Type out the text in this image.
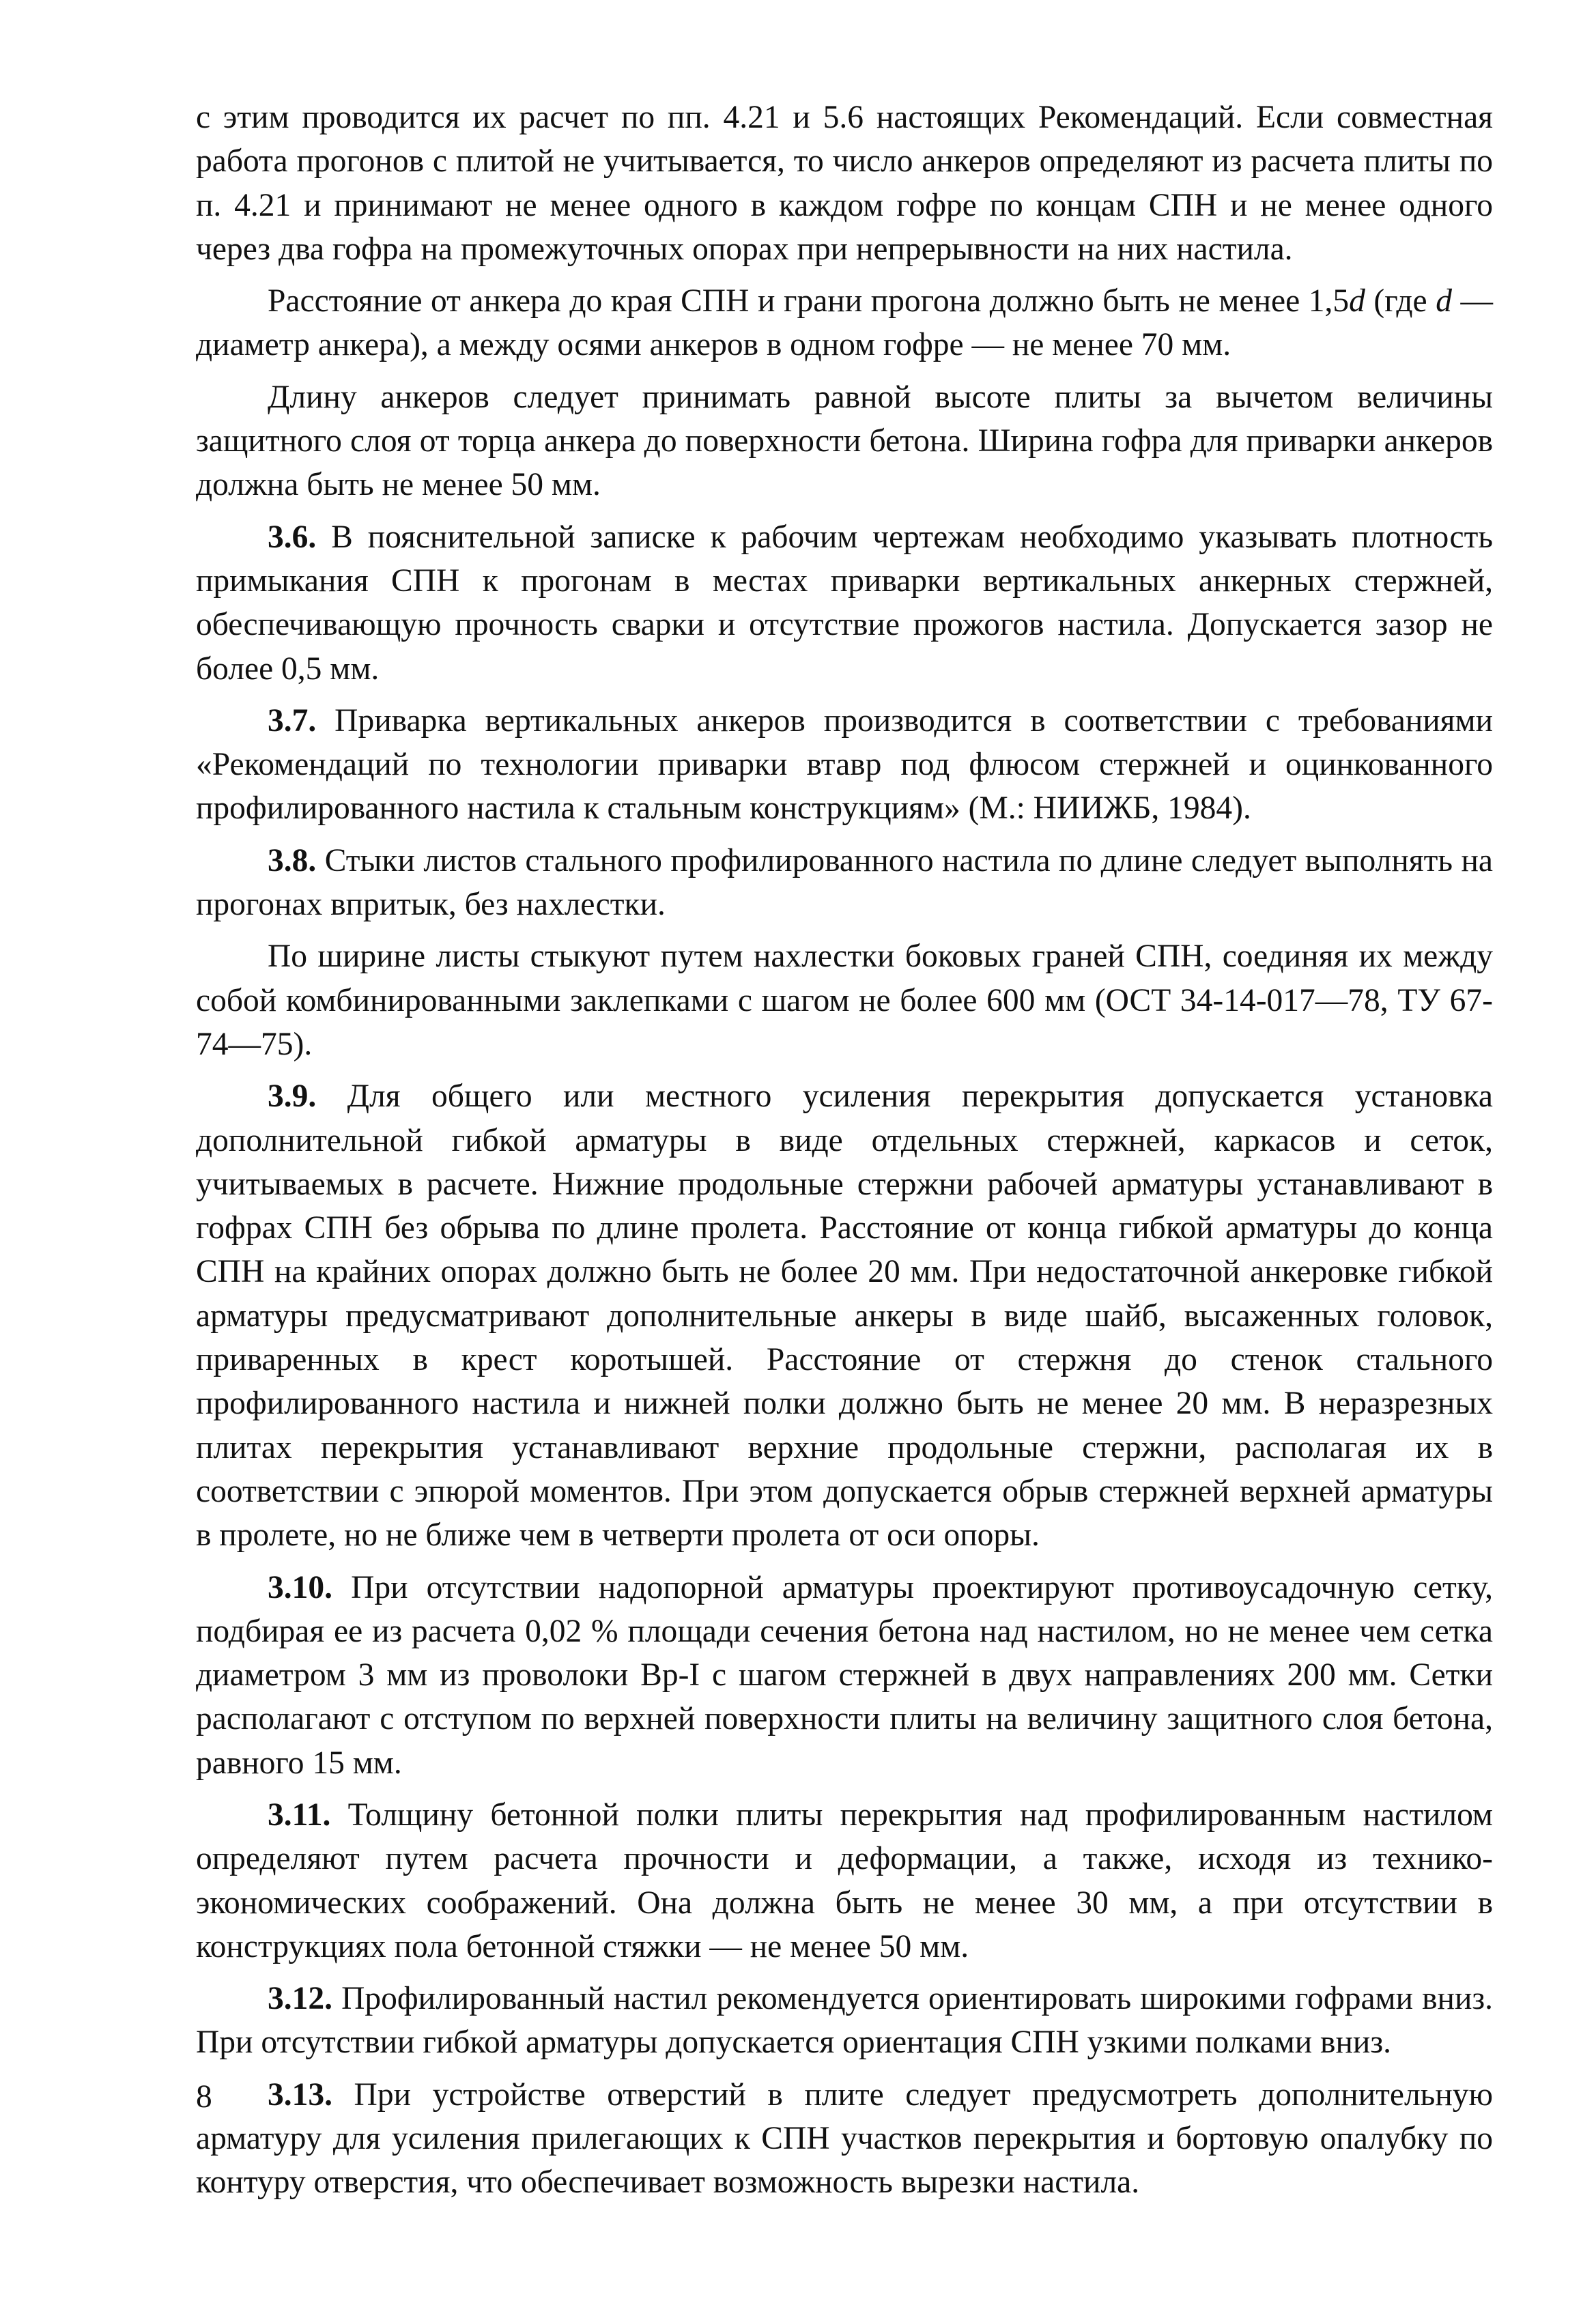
с этим проводится их расчет по пп. 4.21 и 5.6 настоящих Рекомендаций. Если совместная работа прогонов с плитой не учитывается, то число анкеров определяют из расчета плиты по п. 4.21 и принимают не менее одного в каждом гофре по концам СПН и не менее одного через два гофра на промежуточных опорах при непрерывности на них настила.

Расстояние от анкера до края СПН и грани прогона должно быть не менее 1,5d (где d — диаметр анкера), а между осями анкеров в одном гофре — не менее 70 мм.

Длину анкеров следует принимать равной высоте плиты за вычетом величины защитного слоя от торца анкера до поверхности бетона. Ширина гофра для приварки анкеров должна быть не менее 50 мм.

3.6. В пояснительной записке к рабочим чертежам необходимо указывать плотность примыкания СПН к прогонам в местах приварки вертикальных анкерных стержней, обеспечивающую прочность сварки и отсутствие прожогов настила. Допускается зазор не более 0,5 мм.

3.7. Приварка вертикальных анкеров производится в соответствии с требованиями «Рекомендаций по технологии приварки втавр под флюсом стержней и оцинкованного профилированного настила к стальным конструкциям» (М.: НИИЖБ, 1984).

3.8. Стыки листов стального профилированного настила по длине следует выполнять на прогонах впритык, без нахлестки.

По ширине листы стыкуют путем нахлестки боковых граней СПН, соединяя их между собой комбинированными заклепками с шагом не более 600 мм (ОСТ 34-14-017—78, ТУ 67-74—75).

3.9. Для общего или местного усиления перекрытия допускается установка дополнительной гибкой арматуры в виде отдельных стержней, каркасов и сеток, учитываемых в расчете. Нижние продольные стержни рабочей арматуры устанавливают в гофрах СПН без обрыва по длине пролета. Расстояние от конца гибкой арматуры до конца СПН на крайних опорах должно быть не более 20 мм. При недостаточной анкеровке гибкой арматуры предусматривают дополнительные анкеры в виде шайб, высаженных головок, приваренных в крест коротышей. Расстояние от стержня до стенок стального профилированного настила и нижней полки должно быть не менее 20 мм. В неразрезных плитах перекрытия устанавливают верхние продольные стержни, располагая их в соответствии с эпюрой моментов. При этом допускается обрыв стержней верхней арматуры в пролете, но не ближе чем в четверти пролета от оси опоры.

3.10. При отсутствии надопорной арматуры проектируют противоусадочную сетку, подбирая ее из расчета 0,02 % площади сечения бетона над настилом, но не менее чем сетка диаметром 3 мм из проволоки Вр-I с шагом стержней в двух направлениях 200 мм. Сетки располагают с отступом по верхней поверхности плиты на величину защитного слоя бетона, равного 15 мм.

3.11. Толщину бетонной полки плиты перекрытия над профилированным настилом определяют путем расчета прочности и деформации, а также, исходя из технико-экономических соображений. Она должна быть не менее 30 мм, а при отсутствии в конструкциях пола бетонной стяжки — не менее 50 мм.

3.12. Профилированный настил рекомендуется ориентировать широкими гофрами вниз. При отсутствии гибкой арматуры допускается ориентация СПН узкими полками вниз.

3.13. При устройстве отверстий в плите следует предусмотреть дополнительную арматуру для усиления прилегающих к СПН участков перекрытия и бортовую опалубку по контуру отверстия, что обеспечивает возможность вырезки настила.

8
